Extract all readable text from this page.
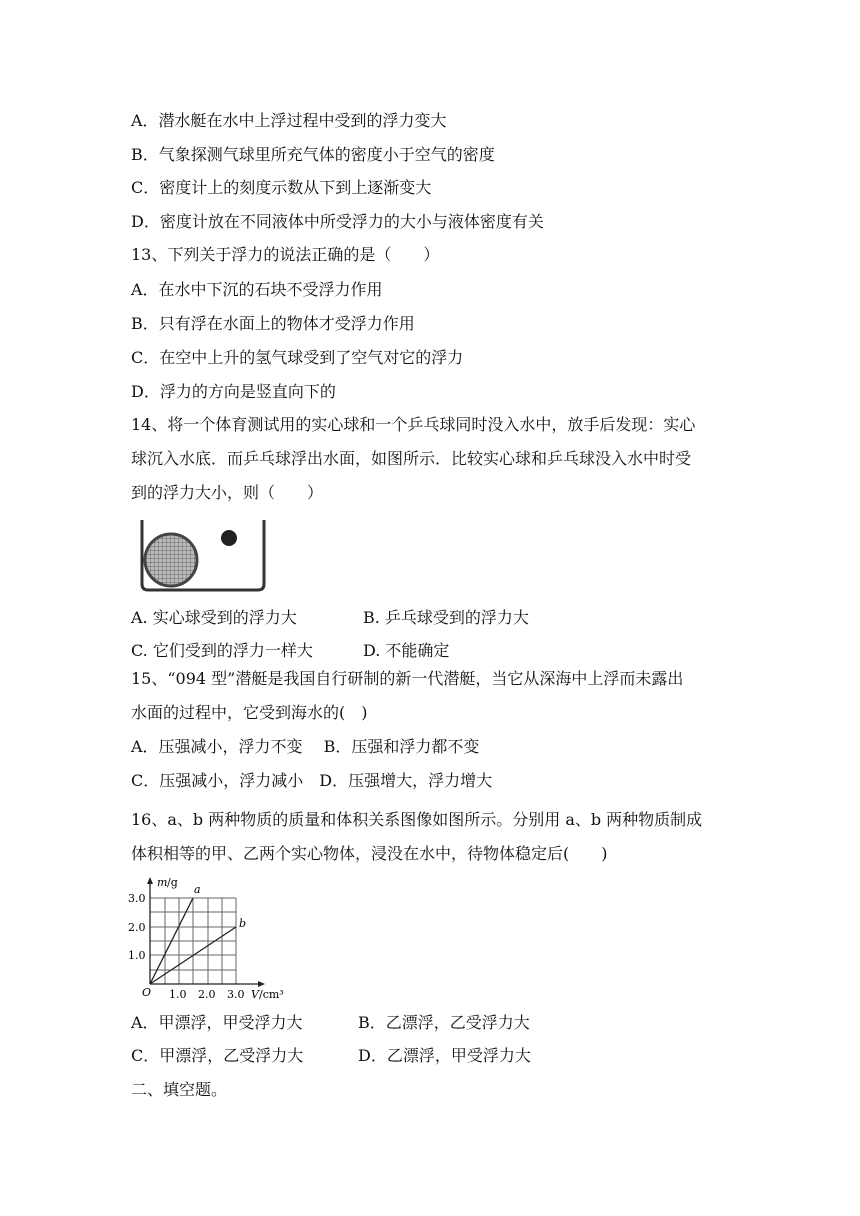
A．潜水艇在水中上浮过程中受到的浮力变大
B．气象探测气球里所充气体的密度小于空气的密度
C．密度计上的刻度示数从下到上逐渐变大
D．密度计放在不同液体中所受浮力的大小与液体密度有关
13、下列关于浮力的说法正确的是（　　）
A．在水中下沉的石块不受浮力作用
B．只有浮在水面上的物体才受浮力作用
C．在空中上升的氢气球受到了空气对它的浮力
D．浮力的方向是竖直向下的
14、将一个体育测试用的实心球和一个乒乓球同时没入水中，放手后发现：实心
球沉入水底．而乒乓球浮出水面，如图所示．比较实心球和乒乓球没入水中时受
到的浮力大小，则（　　）
A. 实心球受到的浮力大	B. 乒乓球受到的浮力大
C. 它们受到的浮力一样大	D. 不能确定
15、“094 型”潜艇是我国自行研制的新一代潜艇，当它从深海中上浮而未露出
水面的过程中，它受到海水的(　)
A．压强减小，浮力不变　 B．压强和浮力都不变
C．压强减小，浮力减小　D．压强增大，浮力增大
16、a、b 两种物质的质量和体积关系图像如图所示。分别用 a、b 两种物质制成
体积相等的甲、乙两个实心物体，浸没在水中，待物体稳定后(　　)
a
b
m /g
3.0
2.0
1.0
O 1.0 2.0 3.0 V /cm³
A．甲漂浮，甲受浮力大	B．乙漂浮，乙受浮力大
C．甲漂浮，乙受浮力大	D．乙漂浮，甲受浮力大
二、填空题。
